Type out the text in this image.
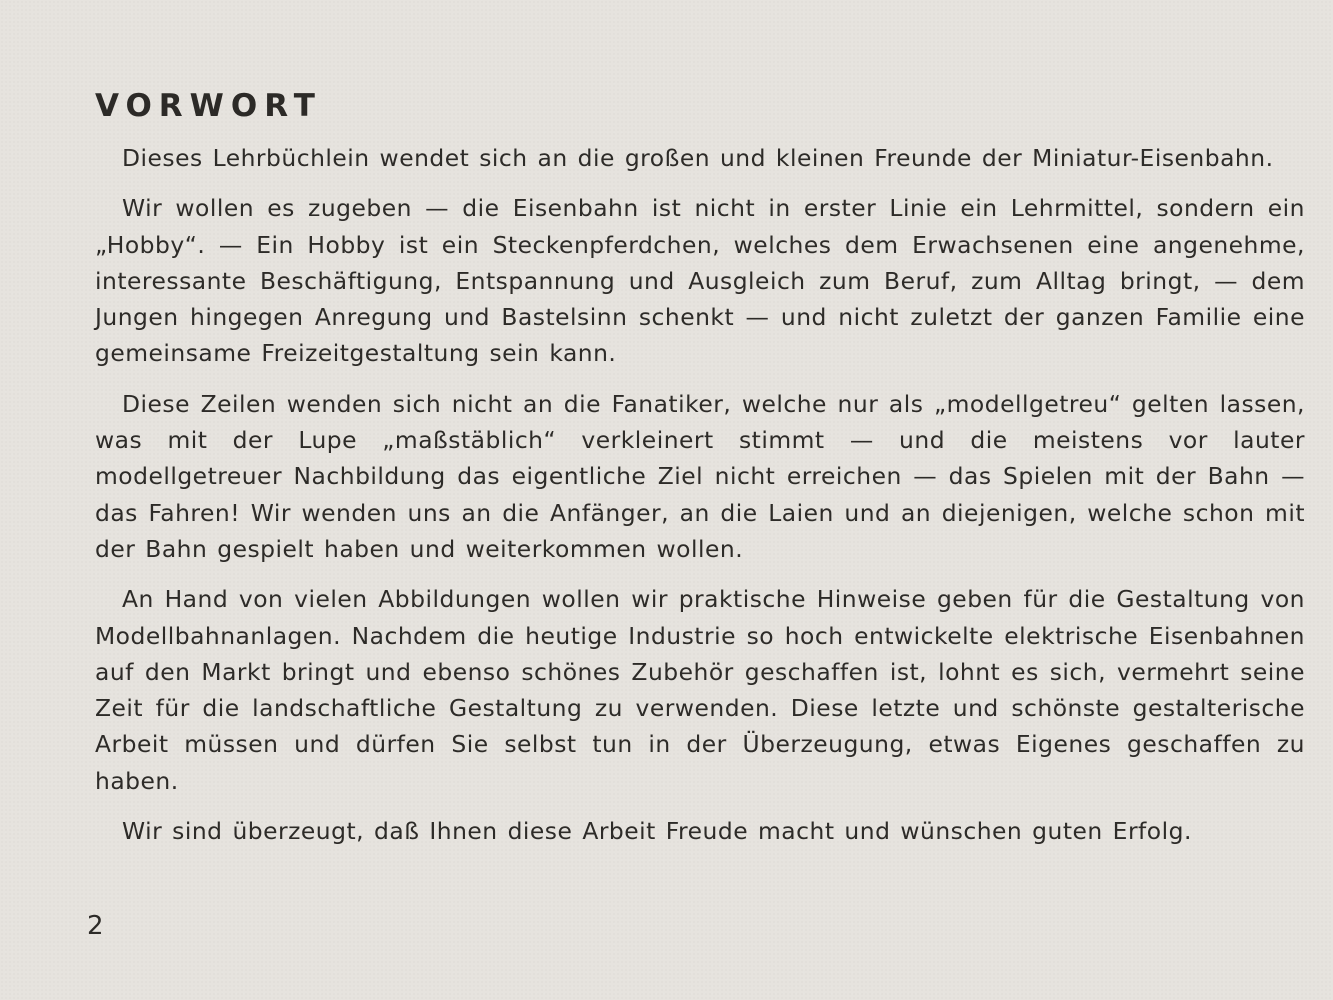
VORWORT

Dieses Lehrbüchlein wendet sich an die großen und kleinen Freunde der Miniatur-Eisenbahn.

Wir wollen es zugeben — die Eisenbahn ist nicht in erster Linie ein Lehrmittel, sondern ein „Hobby“. — Ein Hobby ist ein Steckenpferdchen, welches dem Erwachsenen eine angenehme, interessante Beschäftigung, Entspannung und Ausgleich zum Beruf, zum Alltag bringt, — dem Jungen hingegen Anregung und Bastelsinn schenkt — und nicht zuletzt der ganzen Familie eine gemeinsame Freizeitgestaltung sein kann.

Diese Zeilen wenden sich nicht an die Fanatiker, welche nur als „modellgetreu“ gelten lassen, was mit der Lupe „maßstäblich“ verkleinert stimmt — und die meistens vor lauter modellgetreuer Nachbildung das eigentliche Ziel nicht erreichen — das Spielen mit der Bahn — das Fahren! Wir wenden uns an die Anfänger, an die Laien und an diejenigen, welche schon mit der Bahn gespielt haben und weiterkommen wollen.

An Hand von vielen Abbildungen wollen wir praktische Hinweise geben für die Gestaltung von Modellbahnanlagen. Nachdem die heutige Industrie so hoch entwickelte elektrische Eisenbahnen auf den Markt bringt und ebenso schönes Zubehör geschaffen ist, lohnt es sich, vermehrt seine Zeit für die landschaftliche Gestaltung zu verwenden. Diese letzte und schönste gestalterische Arbeit müssen und dürfen Sie selbst tun in der Überzeugung, etwas Eigenes geschaffen zu haben.

Wir sind überzeugt, daß Ihnen diese Arbeit Freude macht und wünschen guten Erfolg.

2
